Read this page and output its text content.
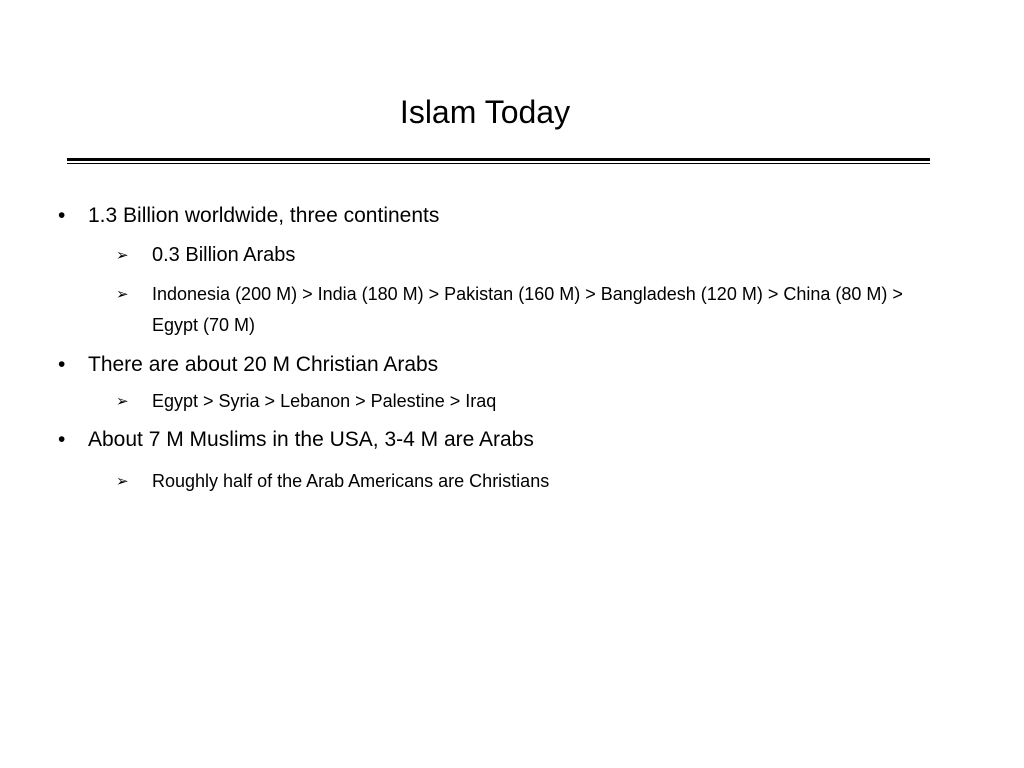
Islam Today
•	1.3 Billion worldwide, three continents
➢	0.3 Billion Arabs
➢	Indonesia (200 M) > India (180 M) > Pakistan (160 M) > Bangladesh (120 M) > China (80 M) > Egypt (70 M)
•	There are about 20 M Christian Arabs
➢	Egypt > Syria > Lebanon > Palestine > Iraq
•	About 7 M Muslims in the USA, 3-4 M are Arabs
➢	Roughly half of the Arab Americans are Christians
